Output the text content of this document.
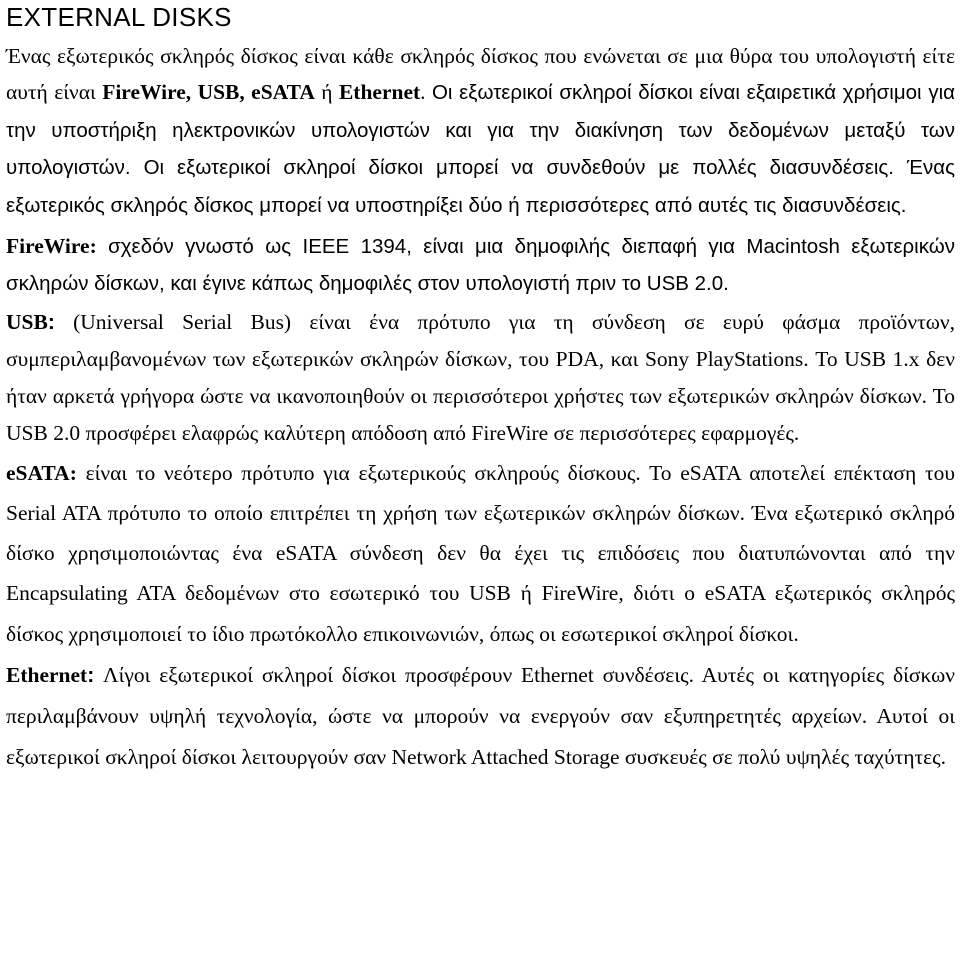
EXTERNAL DISKS

Ένας εξωτερικός σκληρός δίσκος είναι κάθε σκληρός δίσκος που ενώνεται σε μια θύρα του υπολογιστή είτε αυτή είναι FireWire, USB, eSATA ή Ethernet. Οι εξωτερικοί σκληροί δίσκοι είναι εξαιρετικά χρήσιμοι για την υποστήριξη ηλεκτρονικών υπολογιστών και για την διακίνηση των δεδομένων μεταξύ των υπολογιστών. Οι εξωτερικοί σκληροί δίσκοι μπορεί να συνδεθούν με πολλές διασυνδέσεις. Ένας εξωτερικός σκληρός δίσκος μπορεί να υποστηρίξει δύο ή περισσότερες από αυτές τις διασυνδέσεις.

FireWire: σχεδόν γνωστό ως IEEE 1394, είναι μια δημοφιλής διεπαφή για Macintosh εξωτερικών σκληρών δίσκων, και έγινε κάπως δημοφιλές στον υπολογιστή πριν το USB 2.0.

USB: (Universal Serial Bus) είναι ένα πρότυπο για τη σύνδεση σε ευρύ φάσμα προϊόντων, συμπεριλαμβανομένων των εξωτερικών σκληρών δίσκων, του PDA, και Sony PlayStations. Το USB 1.x δεν ήταν αρκετά γρήγορα ώστε να ικανοποιηθούν οι περισσότεροι χρήστες των εξωτερικών σκληρών δίσκων. Το USB 2.0 προσφέρει ελαφρώς καλύτερη απόδοση από FireWire σε περισσότερες εφαρμογές.

eSATA: είναι το νεότερο πρότυπο για εξωτερικούς σκληρούς δίσκους. Το eSATA αποτελεί επέκταση του Serial ATA πρότυπο το οποίο επιτρέπει τη χρήση των εξωτερικών σκληρών δίσκων. Ένα εξωτερικό σκληρό δίσκο χρησιμοποιώντας ένα eSATA σύνδεση δεν θα έχει τις επιδόσεις που διατυπώνονται από την Encapsulating ATA δεδομένων στο εσωτερικό του USB ή FireWire, διότι ο eSATA εξωτερικός σκληρός δίσκος χρησιμοποιεί το ίδιο πρωτόκολλο επικοινωνιών, όπως οι εσωτερικοί σκληροί δίσκοι.

Ethernet: Λίγοι εξωτερικοί σκληροί δίσκοι προσφέρουν Ethernet συνδέσεις. Αυτές οι κατηγορίες δίσκων περιλαμβάνουν υψηλή τεχνολογία, ώστε να μπορούν να ενεργούν σαν εξυπηρετητές αρχείων. Αυτοί οι εξωτερικοί σκληροί δίσκοι λειτουργούν σαν Network Attached Storage συσκευές σε πολύ υψηλές ταχύτητες.
